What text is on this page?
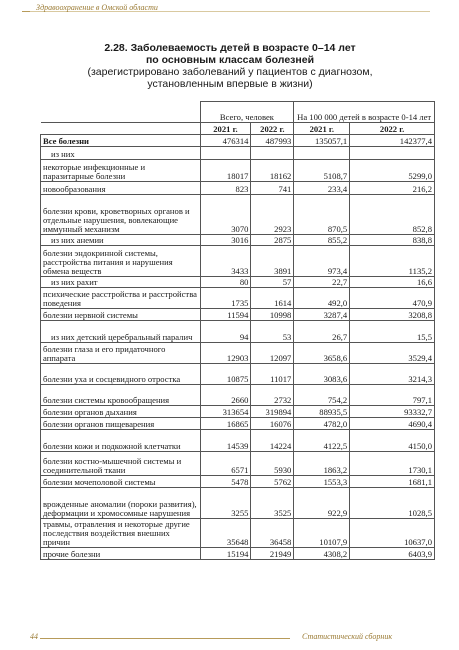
Здравоохранение в Омской области
2.28. Заболеваемость детей в возрасте 0–14 лет
по основным классам болезней
(зарегистрировано заболеваний у пациентов с диагнозом,
установленным впервые в жизни)
	Всего, человек		На 100 000 детей в возрасте 0-14 лет	
	2021 г.	2022 г.	2021 г.	2022 г.
Все болезни	476314	487993	135057,1	142377,4
из них				
некоторые инфекционные и паразитарные болезни	18017	18162	5108,7	5299,0
новообразования	823	741	233,4	216,2
болезни крови, кроветворных органов и отдельные нарушения, вовлекающие иммунный механизм	3070	2923	870,5	852,8
из них анемии	3016	2875	855,2	838,8
болезни эндокринной системы, расстройства питания и нарушения обмена веществ	3433	3891	973,4	1135,2
из них рахит	80	57	22,7	16,6
психические расстройства и расстройства поведения	1735	1614	492,0	470,9
болезни нервной системы	11594	10998	3287,4	3208,8
из них детский церебральный паралич	94	53	26,7	15,5
болезни глаза и его придаточного аппарата	12903	12097	3658,6	3529,4
болезни уха и сосцевидного отростка	10875	11017	3083,6	3214,3
болезни системы кровообращения	2660	2732	754,2	797,1
болезни органов дыхания	313654	319894	88935,5	93332,7
болезни органов пищеварения	16865	16076	4782,0	4690,4
болезни кожи и подкожной клетчатки	14539	14224	4122,5	4150,0
болезни костно-мышечной системы и соединительной ткани	6571	5930	1863,2	1730,1
болезни мочеполовой системы	5478	5762	1553,3	1681,1
врожденные аномалии (пороки развития), деформации и хромосомные нарушения	3255	3525	922,9	1028,5
травмы, отравления и некоторые другие последствия воздействия внешних причин	35648	36458	10107,9	10637,0
прочие болезни	15194	21949	4308,2	6403,9
44	Статистический сборник
